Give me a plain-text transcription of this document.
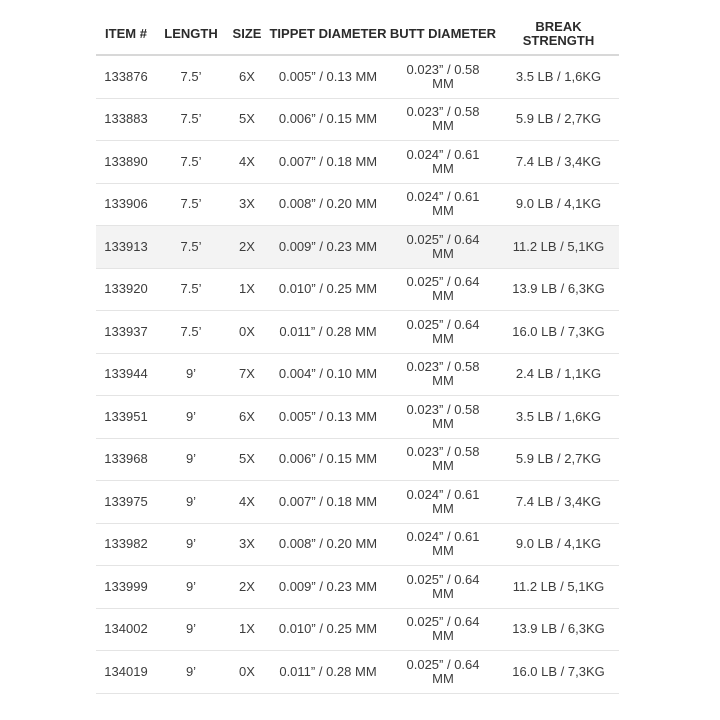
ITEM #	LENGTH	SIZE	TIPPET DIAMETER	BUTT DIAMETER	BREAK STRENGTH
133876	7.5’	6X	0.005” / 0.13 MM	0.023” / 0.58 MM	3.5 LB / 1,6KG
133883	7.5’	5X	0.006” / 0.15 MM	0.023” / 0.58 MM	5.9 LB / 2,7KG
133890	7.5’	4X	0.007” / 0.18 MM	0.024” / 0.61 MM	7.4 LB / 3,4KG
133906	7.5’	3X	0.008” / 0.20 MM	0.024” / 0.61 MM	9.0 LB / 4,1KG
133913	7.5’	2X	0.009” / 0.23 MM	0.025” / 0.64 MM	11.2 LB / 5,1KG
133920	7.5’	1X	0.010” / 0.25 MM	0.025” / 0.64 MM	13.9 LB / 6,3KG
133937	7.5’	0X	0.011” / 0.28 MM	0.025” / 0.64 MM	16.0 LB / 7,3KG
133944	9’	7X	0.004” / 0.10 MM	0.023” / 0.58 MM	2.4 LB / 1,1KG
133951	9’	6X	0.005” / 0.13 MM	0.023” / 0.58 MM	3.5 LB / 1,6KG
133968	9’	5X	0.006” / 0.15 MM	0.023” / 0.58 MM	5.9 LB / 2,7KG
133975	9’	4X	0.007” / 0.18 MM	0.024” / 0.61 MM	7.4 LB / 3,4KG
133982	9’	3X	0.008” / 0.20 MM	0.024” / 0.61 MM	9.0 LB / 4,1KG
133999	9’	2X	0.009” / 0.23 MM	0.025” / 0.64 MM	11.2 LB / 5,1KG
134002	9’	1X	0.010” / 0.25 MM	0.025” / 0.64 MM	13.9 LB / 6,3KG
134019	9’	0X	0.011” / 0.28 MM	0.025” / 0.64 MM	16.0 LB / 7,3KG
